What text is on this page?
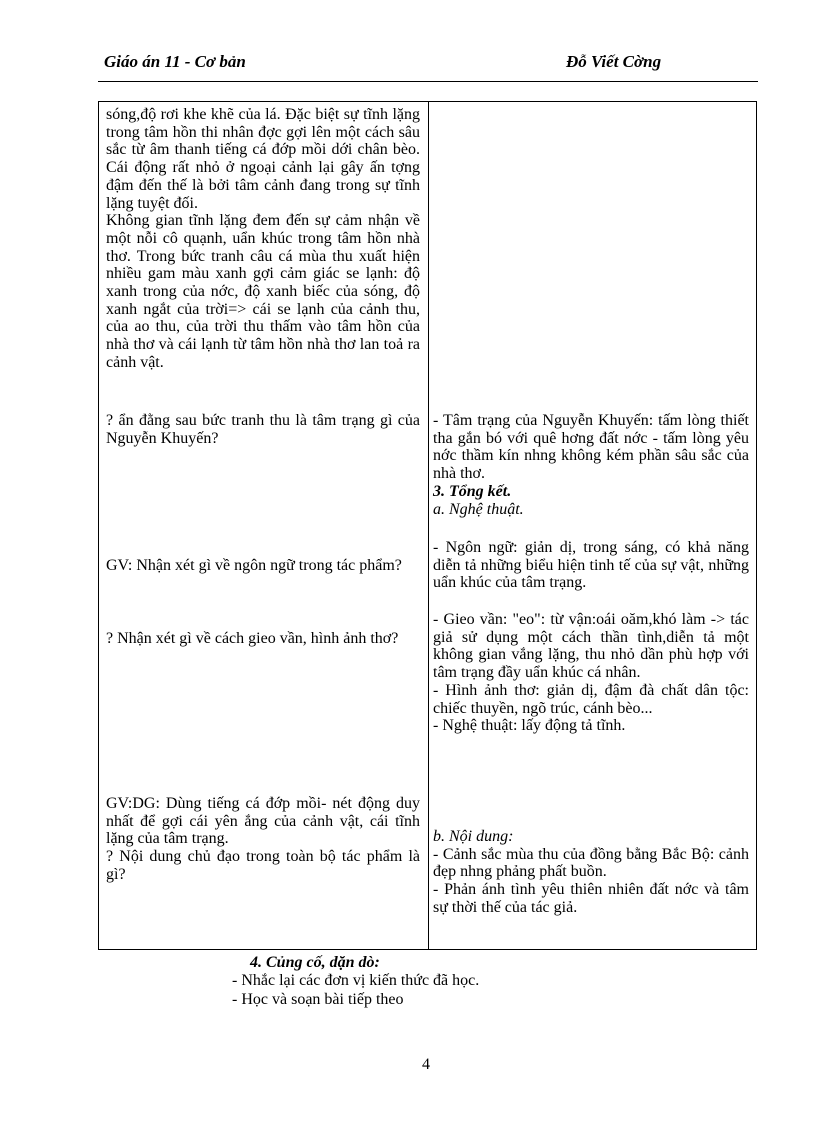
Giáo án 11 - Cơ bản	Đỗ Viết Cờng

sóng,độ rơi khe khẽ của lá. Đặc biệt sự tĩnh lặng trong tâm hồn thi nhân đợc gợi lên một cách sâu sắc từ âm thanh tiếng cá đớp mồi dới chân bèo. Cái động rất nhỏ ở ngoại cảnh lại gây ấn tợng đậm đến thế là bởi tâm cảnh đang trong sự tĩnh lặng tuyệt đối.

Không gian tĩnh lặng đem đến sự cảm nhận về một nỗi cô quạnh, uẩn khúc trong tâm hồn nhà thơ. Trong bức tranh câu cá mùa thu xuất hiện nhiều gam màu xanh gợi cảm giác se lạnh: độ xanh trong của nớc, độ xanh biếc của sóng, độ xanh ngắt của trời=> cái se lạnh của cảnh thu, của ao thu, của trời thu thấm vào tâm hồn của nhà thơ và cái lạnh từ tâm hồn nhà thơ lan toả ra cảnh vật.

? ẩn đằng sau bức tranh thu là tâm trạng gì của Nguyễn Khuyến?
GV: Nhận xét gì về ngôn ngữ trong tác phẩm?
? Nhận xét gì về cách gieo vần, hình ảnh thơ?

GV:DG: Dùng tiếng cá đớp mồi- nét động duy nhất để gợi cái yên ắng của cảnh vật, cái tĩnh lặng của tâm trạng.

? Nội dung chủ đạo trong toàn bộ tác phẩm là gì?

- Tâm trạng của Nguyễn Khuyến: tấm lòng thiết tha gắn bó với quê hơng đất nớc - tấm lòng yêu nớc thầm kín nhng không kém phần sâu sắc của nhà thơ.

3. Tổng kết.

a. Nghệ thuật.

- Ngôn ngữ: giản dị, trong sáng, có khả năng diễn tả những biểu hiện tinh tế của sự vật, những uẩn khúc của tâm trạng.

- Gieo vần: "eo": từ vận:oái oăm,khó làm -> tác giả sử dụng một cách thần tình,diễn tả một không gian vắng lặng, thu nhỏ dần phù hợp với tâm trạng đầy uẩn khúc cá nhân.

- Hình ảnh thơ: giản dị, đậm đà chất dân tộc: chiếc thuyền, ngõ trúc, cánh bèo...

- Nghệ thuật: lấy động tả tĩnh.

b. Nội dung:

- Cảnh sắc mùa thu của đồng bằng Bắc Bộ: cảnh đẹp nhng phảng phất buồn.

- Phản ánh tình yêu thiên nhiên đất nớc và tâm sự thời thế của tác giả.

4. Củng cố, dặn dò:
- Nhắc lại các đơn vị kiến thức đã học.
- Học và soạn bài tiếp theo
4
